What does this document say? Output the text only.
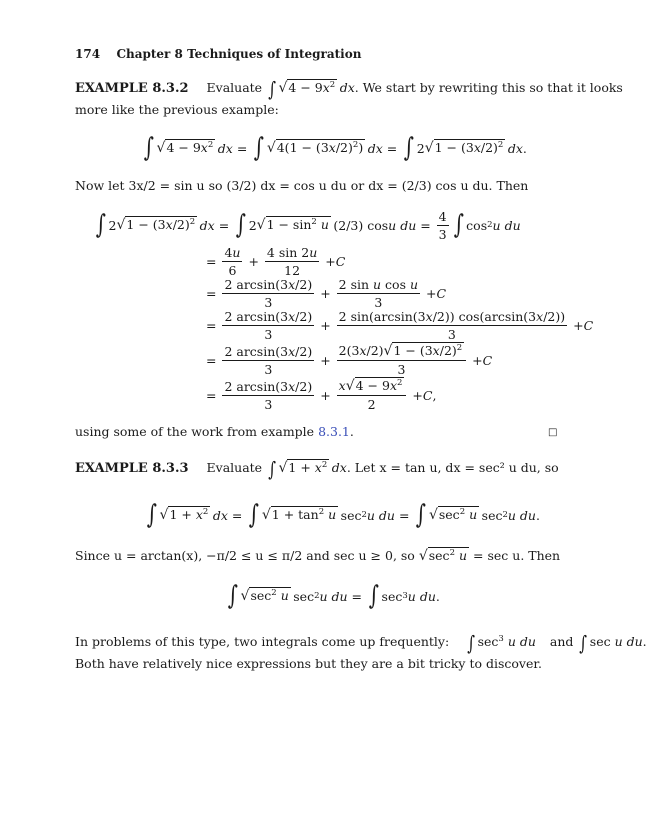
174 Chapter 8 Techniques of Integration
EXAMPLE 8.3.2 Evaluate ∫ $√4 - 9x^2$  dx. We start by rewriting this so that it looks
more like the previous example:
∫ $√4 - 9x^2$
  dx = ∫ $√4(1 - (3x/2)^2)$
  dx = ∫ 2 $√1 - (3x/2)^2$
  dx .
Now let 3x/2 = sin u so (3/2) dx = cos u du or dx = (2/3) cos u du. Then
∫ 2 $√1 - (3x/2)^2$
  dx = ∫ 2 $√1 - \sin^2 u$  (2/3) cos u du = $\frac{4}{3}$ ∫ cos 2 u du
= $\frac{4u}{6} + \frac{4 \sin 2u}{12} + C$
= $\frac{2 \arcsin(3x/2)}{3} + \frac{\text{2 sin u cos u}}{3} + C$
= $\frac{2 \arcsin(3x/2)}{3} + \frac{2 \sin(\arcsin(3x/2)) \cos(\arcsin(3x/2))}{3} + C$
= $\frac{2 \arcsin(3x/2)}{3} + \frac{2(3x/2)√1 - (3x/2)^2}{3} + C$
= $\frac{2 \arcsin(3x/2)}{3} + \frac{x√4 - 9x^2}{2} + C$ ,
using some of the work from example 8.3.1.	□
EXAMPLE 8.3.3 Evaluate ∫ $√1 + x^2$  dx. Let x = tan u, dx = sec² u du, so
∫ $√1 + x^2$
  dx = ∫ $√1 + \tan^2 u$  sec 2 u du = ∫ $√\sec^2$ u  sec 2 u du .
Since u = arctan(x), −π/2 ≤ u ≤ π/2 and sec u ≥ 0, so $√\sec^2$ u = sec u. Then
∫ $√\sec^2$ u  sec 2 u du = ∫ sec 3 u du .
In problems of this type, two integrals come up frequently: ∫ $\sec^3 u$ du and ∫ sec u du.
Both have relatively nice expressions but they are a bit tricky to discover.
